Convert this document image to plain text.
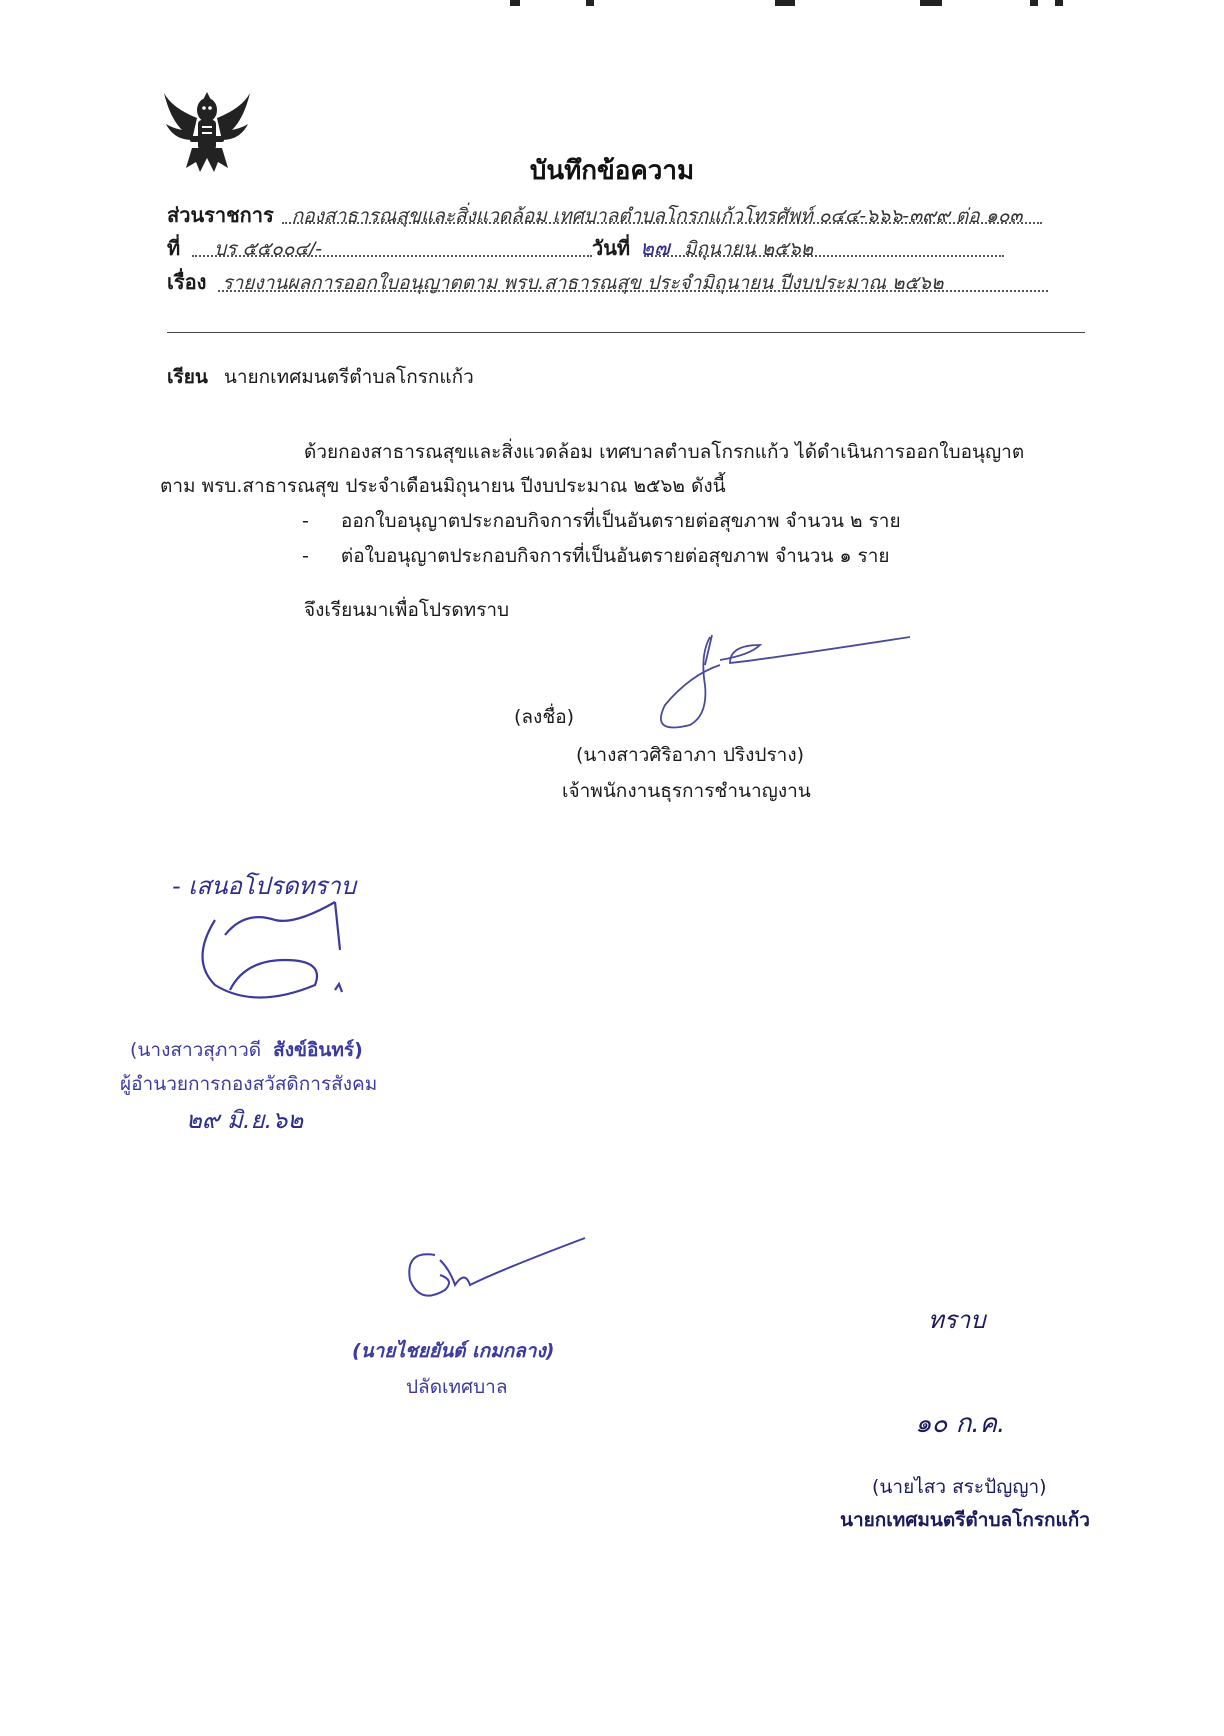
บันทึกข้อความ
ส่วนราชการ กองสาธารณสุขและสิ่งแวดล้อม เทศบาลตำบลโกรกแก้วโทรศัพท์ ๐๔๔-๖๖๖-๓๙๙ ต่อ ๑๐๓
ที่ บร ๕๕๐๐๔/-	วันที่ ๒๗ มิถุนายน ๒๕๖๒
เรื่อง รายงานผลการออกใบอนุญาตตาม พรบ.สาธารณสุข ประจำมิถุนายน ปีงบประมาณ ๒๕๖๒
เรียน นายกเทศมนตรีตำบลโกรกแก้ว
ด้วยกองสาธารณสุขและสิ่งแวดล้อม เทศบาลตำบลโกรกแก้ว ได้ดำเนินการออกใบอนุญาต
ตาม พรบ.สาธารณสุข ประจำเดือนมิถุนายน ปีงบประมาณ ๒๕๖๒ ดังนี้
- ออกใบอนุญาตประกอบกิจการที่เป็นอันตรายต่อสุขภาพ จำนวน ๒ ราย
- ต่อใบอนุญาตประกอบกิจการที่เป็นอันตรายต่อสุขภาพ จำนวน ๑ ราย
จึงเรียนมาเพื่อโปรดทราบ
(ลงชื่อ)
(นางสาวศิริอาภา ปริงปราง)
เจ้าพนักงานธุรการชำนาญงาน
- เสนอโปรดทราบ
(นางสาวสุภาวดี สังข์อินทร์)
ผู้อำนวยการกองสวัสดิการสังคม
๒๙ มิ.ย.๖๒
(นายไชยยันต์ เกมกลาง)
ปลัดเทศบาล
ทราบ
๑๐ ก.ค.
(นายไสว สระปัญญา)
นายกเทศมนตรีตำบลโกรกแก้ว
